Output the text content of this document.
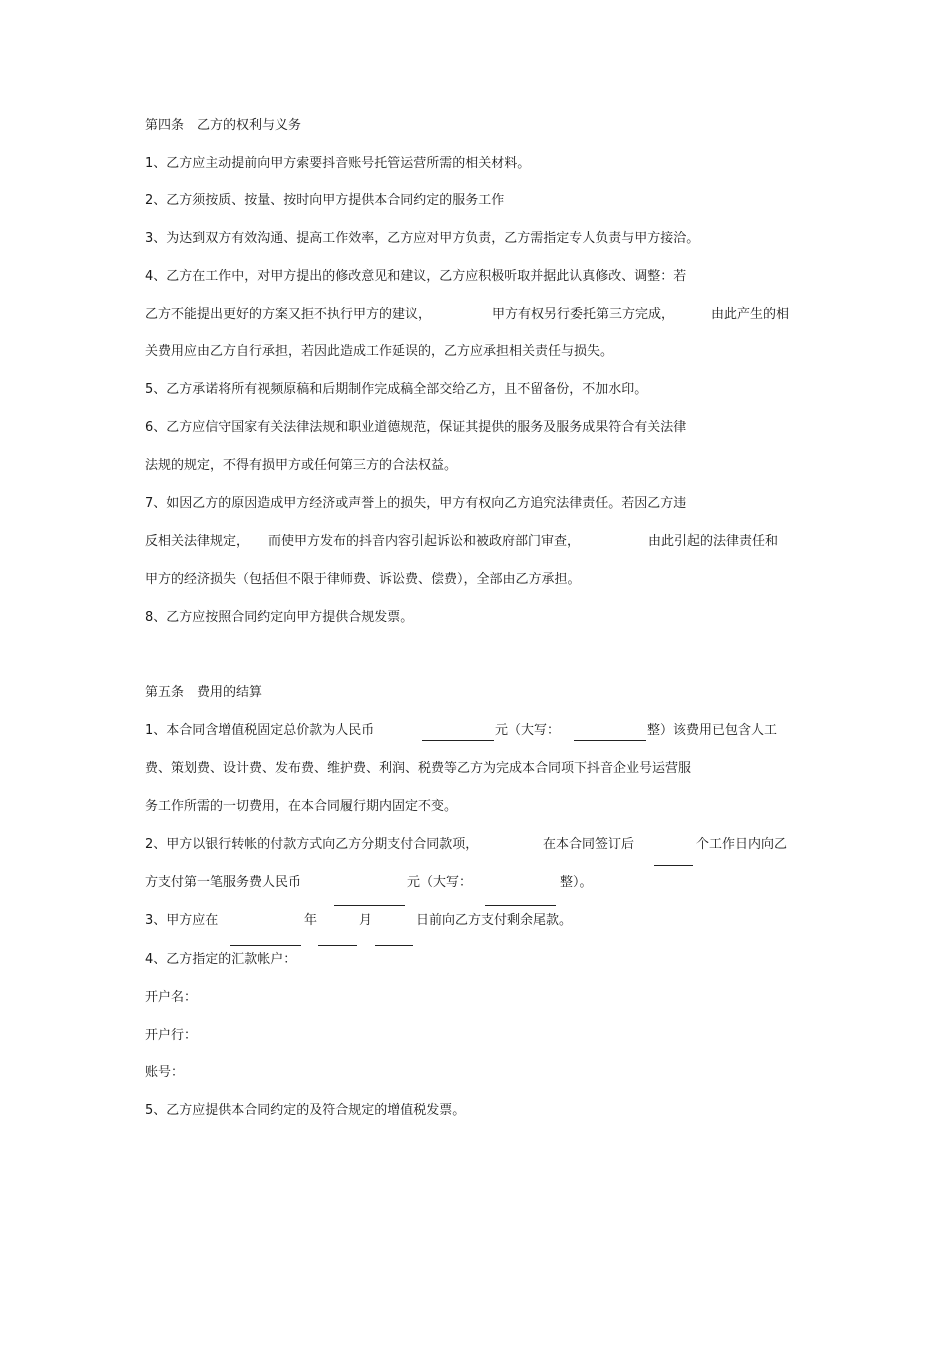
第四条　乙方的权利与义务
1、乙方应主动提前向甲方索要抖音账号托管运营所需的相关材料。
2、乙方须按质、按量、按时向甲方提供本合同约定的服务工作
3、为达到双方有效沟通、提高工作效率，乙方应对甲方负责，乙方需指定专人负责与甲方接洽。
4、乙方在工作中，对甲方提出的修改意见和建议，乙方应积极听取并据此认真修改、调整：若
乙方不能提出更好的方案又拒不执行甲方的建议，	甲方有权另行委托第三方完成，	由此产生的相
关费用应由乙方自行承担，若因此造成工作延误的，乙方应承担相关责任与损失。
5、乙方承诺将所有视频原稿和后期制作完成稿全部交给乙方，且不留备份，不加水印。
6、乙方应信守国家有关法律法规和职业道德规范，保证其提供的服务及服务成果符合有关法律
法规的规定，不得有损甲方或任何第三方的合法权益。
7、如因乙方的原因造成甲方经济或声誉上的损失，甲方有权向乙方追究法律责任。若因乙方违
反相关法律规定， 而使甲方发布的抖音内容引起诉讼和被政府部门审查，	由此引起的法律责任和
甲方的经济损失（包括但不限于律师费、诉讼费、偿费），全部由乙方承担。
8、乙方应按照合同约定向甲方提供合规发票。
第五条　费用的结算
1、本合同含增值税固定总价款为人民币	元（大写：	整）该费用已包含人工
费、策划费、设计费、发布费、维护费、利润、税费等乙方为完成本合同项下抖音企业号运营服
务工作所需的一切费用，在本合同履行期内固定不变。
2、甲方以银行转帐的付款方式向乙方分期支付合同款项，	在本合同签订后	个工作日内向乙
方支付第一笔服务费人民币	元（大写：	整）。
3、甲方应在	年	月	日前向乙方支付剩余尾款。
4、乙方指定的汇款帐户：
开户名：
开户行：
账号：
5、乙方应提供本合同约定的及符合规定的增值税发票。
